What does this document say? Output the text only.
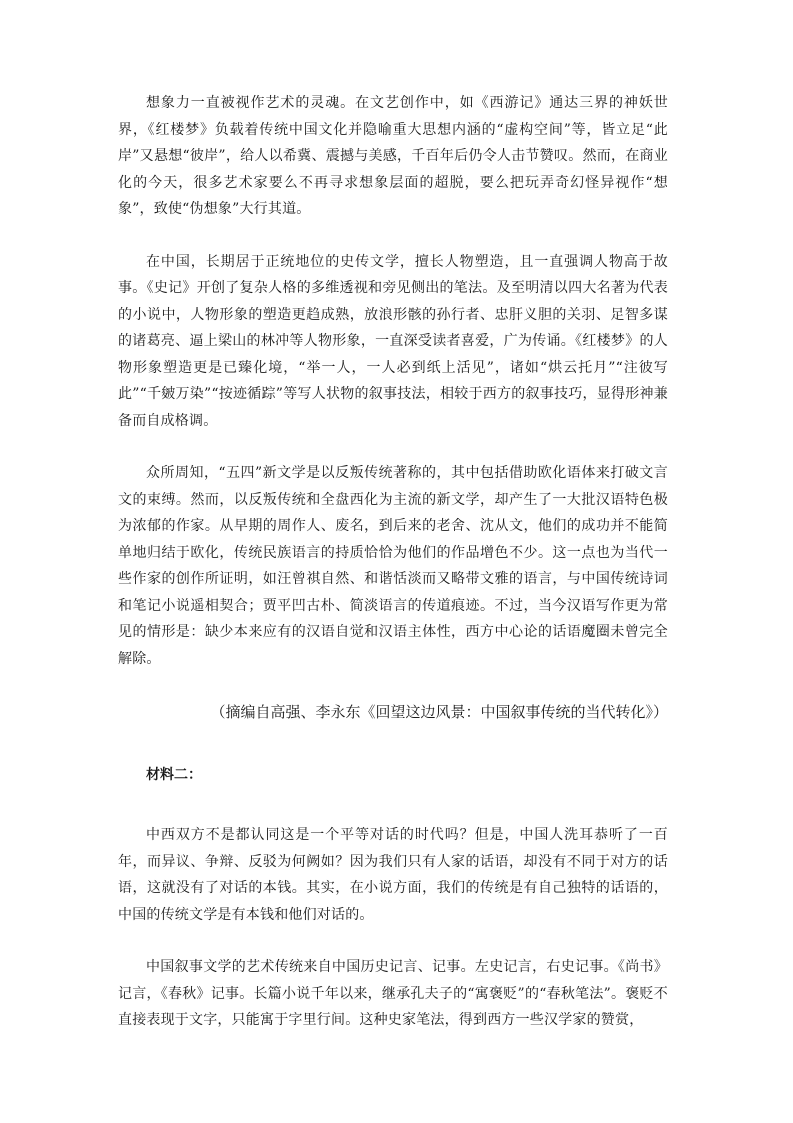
想象力一直被视作艺术的灵魂。在文艺创作中，如《西游记》通达三界的神妖世界，《红楼梦》负载着传统中国文化并隐喻重大思想内涵的“虚构空间”等，皆立足“此岸”又悬想“彼岸”，给人以希冀、震撼与美感，千百年后仍令人击节赞叹。然而，在商业化的今天，很多艺术家要么不再寻求想象层面的超脱，要么把玩弄奇幻怪异视作“想象”，致使“伪想象”大行其道。

在中国，长期居于正统地位的史传文学，擅长人物塑造，且一直强调人物高于故事。《史记》开创了复杂人格的多维透视和旁见侧出的笔法。及至明清以四大名著为代表的小说中，人物形象的塑造更趋成熟，放浪形骸的孙行者、忠肝义胆的关羽、足智多谋的诸葛亮、逼上梁山的林冲等人物形象，一直深受读者喜爱，广为传诵。《红楼梦》的人物形象塑造更是已臻化境，“举一人，一人必到纸上活见”，诸如“烘云托月”“注彼写此”“千皴万染”“按迹循踪”等写人状物的叙事技法，相较于西方的叙事技巧，显得形神兼备而自成格调。

众所周知，“五四”新文学是以反叛传统著称的，其中包括借助欧化语体来打破文言文的束缚。然而，以反叛传统和全盘西化为主流的新文学，却产生了一大批汉语特色极为浓郁的作家。从早期的周作人、废名，到后来的老舍、沈从文，他们的成功并不能简单地归结于欧化，传统民族语言的持质恰恰为他们的作品增色不少。这一点也为当代一些作家的创作所证明，如汪曾祺自然、和谐恬淡而又略带文雅的语言，与中国传统诗词和笔记小说遥相契合；贾平凹古朴、简淡语言的传道痕迹。不过，当今汉语写作更为常见的情形是：缺少本来应有的汉语自觉和汉语主体性，西方中心论的话语魔圈未曾完全解除。

（摘编自高强、李永东《回望这边风景：中国叙事传统的当代转化》）

材料二：

中西双方不是都认同这是一个平等对话的时代吗？但是，中国人洗耳恭听了一百年，而异议、争辩、反驳为何阙如？因为我们只有人家的话语，却没有不同于对方的话语，这就没有了对话的本钱。其实，在小说方面，我们的传统是有自己独特的话语的，中国的传统文学是有本钱和他们对话的。

中国叙事文学的艺术传统来自中国历史记言、记事。左史记言，右史记事。《尚书》记言，《春秋》记事。长篇小说千年以来，继承孔夫子的“寓褒贬”的“春秋笔法”。褒贬不直接表现于文字，只能寓于字里行间。这种史家笔法，得到西方一些汉学家的赞赏，
